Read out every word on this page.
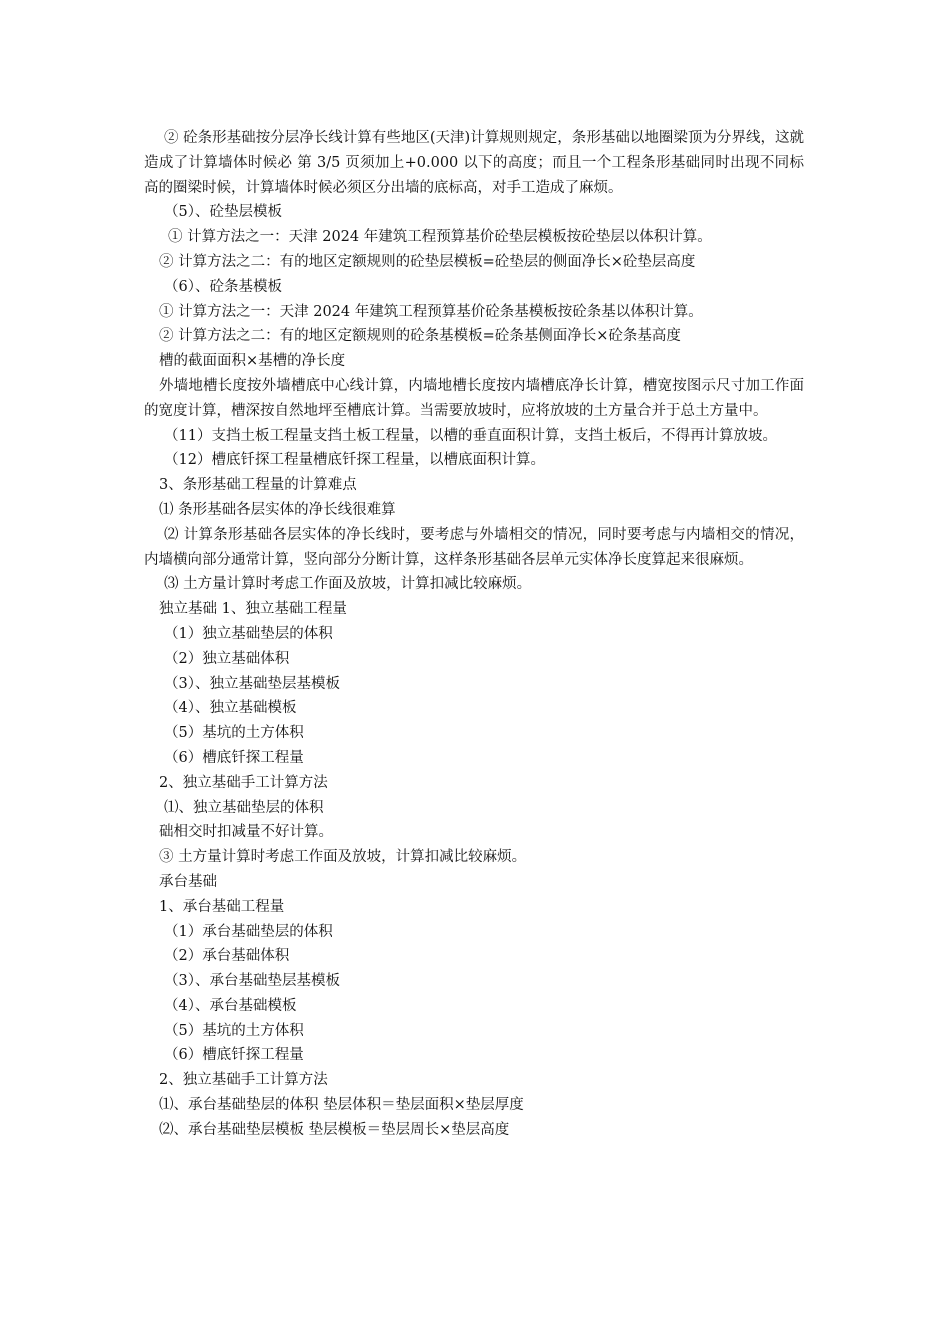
② 砼条形基础按分层净长线计算有些地区(天津)计算规则规定，条形基础以地圈梁顶为分界线，这就造成了计算墙体时候必 第 3/5 页须加上+0.000 以下的高度；而且一个工程条形基础同时出现不同标高的圈梁时候，计算墙体时候必须区分出墙的底标高，对手工造成了麻烦。

（5）、砼垫层模板

① 计算方法之一：天津 2024 年建筑工程预算基价砼垫层模板按砼垫层以体积计算。

② 计算方法之二：有的地区定额规则的砼垫层模板=砼垫层的侧面净长×砼垫层高度

（6）、砼条基模板

① 计算方法之一：天津 2024 年建筑工程预算基价砼条基模板按砼条基以体积计算。

② 计算方法之二：有的地区定额规则的砼条基模板=砼条基侧面净长×砼条基高度

槽的截面面积×基槽的净长度

外墙地槽长度按外墙槽底中心线计算，内墙地槽长度按内墙槽底净长计算，槽宽按图示尺寸加工作面的宽度计算，槽深按自然地坪至槽底计算。当需要放坡时，应将放坡的土方量合并于总土方量中。

（11）支挡土板工程量支挡土板工程量，以槽的垂直面积计算，支挡土板后，不得再计算放坡。

（12）槽底钎探工程量槽底钎探工程量，以槽底面积计算。

3、条形基础工程量的计算难点

⑴ 条形基础各层实体的净长线很难算

⑵ 计算条形基础各层实体的净长线时，要考虑与外墙相交的情况，同时要考虑与内墙相交的情况，内墙横向部分通常计算，竖向部分分断计算，这样条形基础各层单元实体净长度算起来很麻烦。

⑶ 土方量计算时考虑工作面及放坡，计算扣减比较麻烦。

独立基础 1、独立基础工程量

（1）独立基础垫层的体积

（2）独立基础体积

（3）、独立基础垫层基模板

（4）、独立基础模板

（5）基坑的土方体积

（6）槽底钎探工程量

2、独立基础手工计算方法

⑴、独立基础垫层的体积

础相交时扣减量不好计算。

③ 土方量计算时考虑工作面及放坡，计算扣减比较麻烦。

承台基础

1、承台基础工程量

（1）承台基础垫层的体积

（2）承台基础体积

（3）、承台基础垫层基模板

（4）、承台基础模板

（5）基坑的土方体积

（6）槽底钎探工程量

2、独立基础手工计算方法

⑴、承台基础垫层的体积 垫层体积＝垫层面积×垫层厚度

⑵、承台基础垫层模板 垫层模板＝垫层周长×垫层高度
